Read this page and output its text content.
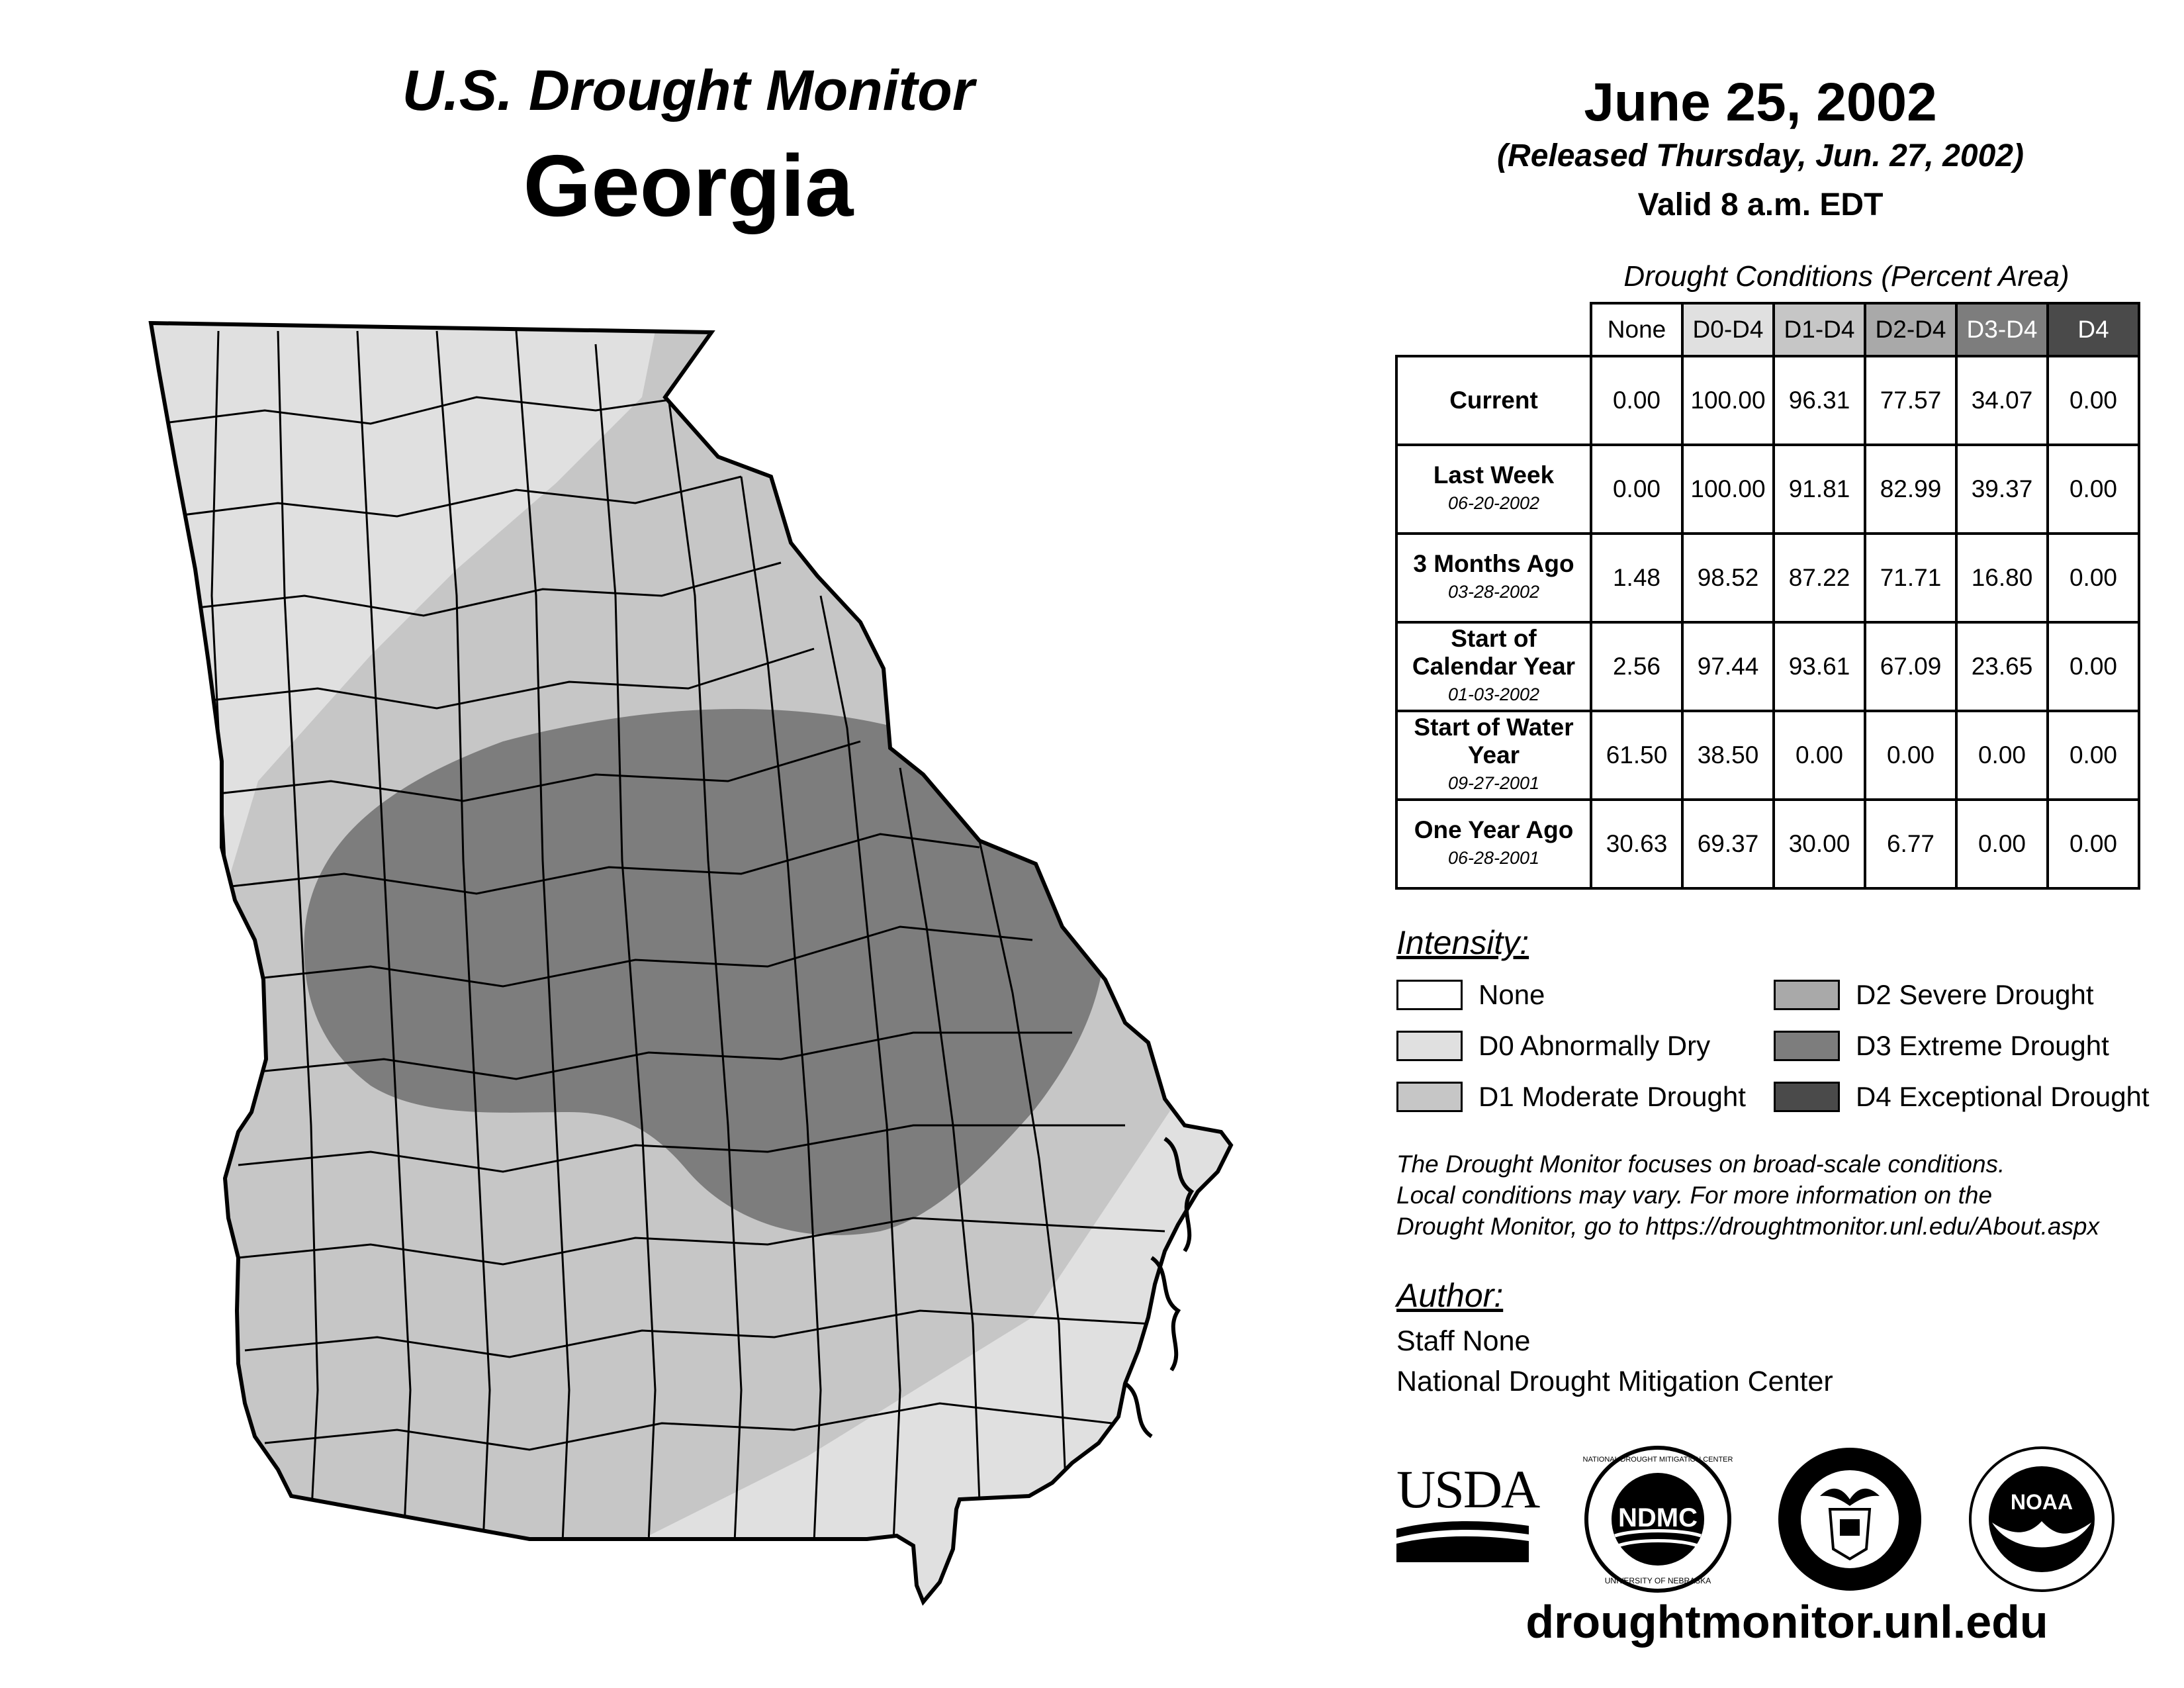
U.S. Drought Monitor
Georgia
June 25, 2002
(Released Thursday, Jun. 27, 2002)
Valid 8 a.m. EDT
Drought Conditions (Percent Area)
	None	D0-D4	D1-D4	D2-D4	D3-D4	D4

Current	0.00	100.00	96.31	77.57	34.07	0.00

Last Week
06-20-2002	0.00	100.00	91.81	82.99	39.37	0.00

3 Months Ago
03-28-2002	1.48	98.52	87.22	71.71	16.80	0.00

Start of Calendar Year
01-03-2002	2.56	97.44	93.61	67.09	23.65	0.00

Start of Water Year
09-27-2001	61.50	38.50	0.00	0.00	0.00	0.00

One Year Ago
06-28-2001	30.63	69.37	30.00	6.77	0.00	0.00
Intensity:
None
D0 Abnormally Dry
D1 Moderate Drought
D2 Severe Drought
D3 Extreme Drought
D4 Exceptional Drought
The Drought Monitor focuses on broad-scale conditions.
Local conditions may vary. For more information on the
Drought Monitor, go to https://droughtmonitor.unl.edu/About.aspx
Author:
Staff None
National Drought Mitigation Center
USDA	NDMC
NATIONAL DROUGHT MITIGATION CENTER
UNIVERSITY OF NEBRASKA
NOAA
droughtmonitor.unl.edu
